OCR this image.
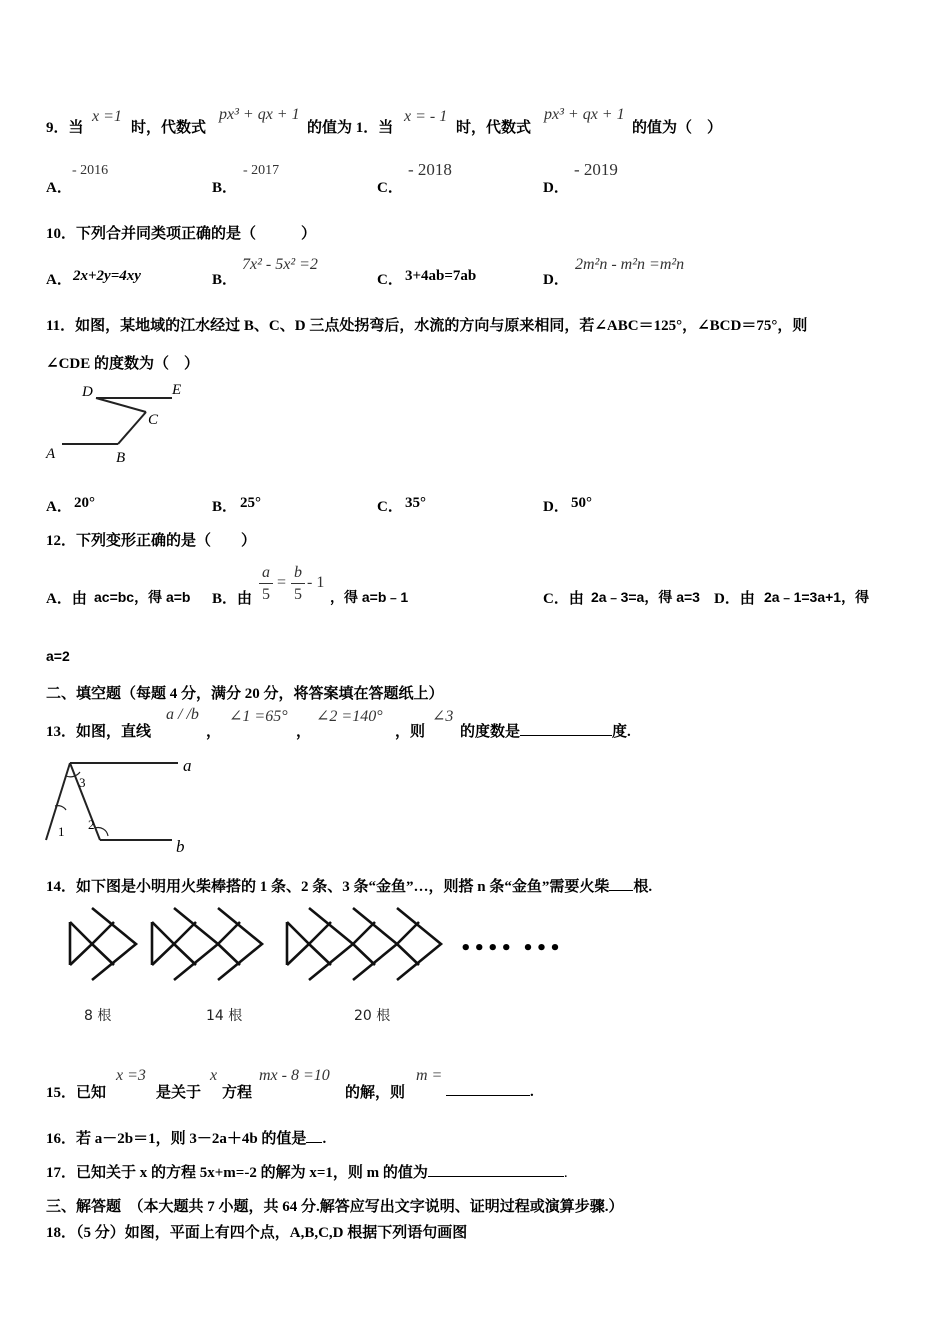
9．当
x =1
时，代数式
px³ + qx + 1
的值为 1．当
x = - 1
时，代数式
px³ + qx + 1
的值为（　）
A．
- 2016
B．
- 2017
C．
- 2018
D．
- 2019
10．下列合并同类项正确的是（　　　）
A． 2x+2y=4xy	B．
7x² - 5x² =2
C． 3+4ab=7ab	D．
2m²n - m²n =m²n
11．如图，某地域的江水经过 B、C、D 三点处拐弯后，水流的方向与原来相同，若∠ABC＝125°，∠BCD＝75°，则
∠CDE 的度数为（　）
D	E
C
A	B
A． 20°	B． 25°	C． 35°	D． 50°
12．下列变形正确的是（　　）
A．由 ac=bc，得 a=b B．由
a
5
=
b
5
- 1
，得 a=b﹣1	C．由 2a﹣3=a，得 a=3 D．由 2a﹣1=3a+1，得
a=2
二、填空题（每题 4 分，满分 20 分，将答案填在答题纸上）
13．如图，直线
a / /b
，
∠1 =65°
，
∠2 =140°
，则
∠3
的度数是	度.
a
3
1 2
b
14．如下图是小明用火柴棒搭的 1 条、2 条、3 条“金鱼”…，则搭 n 条“金鱼”需要火柴 根.
•••• •••
8 根	14 根	20 根
15．已知
x =3
是关于
x
方程
mx - 8 =10
的解，则
m =
.
16．若 a－2b＝1，则 3－2a＋4b 的值是 .
17．已知关于 x 的方程 5x+m=-2 的解为 x=1，则 m 的值为	.
三、解答题　（本大题共 7 小题，共 64 分.解答应写出文字说明、证明过程或演算步骤.）
18．（5 分）如图，平面上有四个点，A,B,C,D 根据下列语句画图
